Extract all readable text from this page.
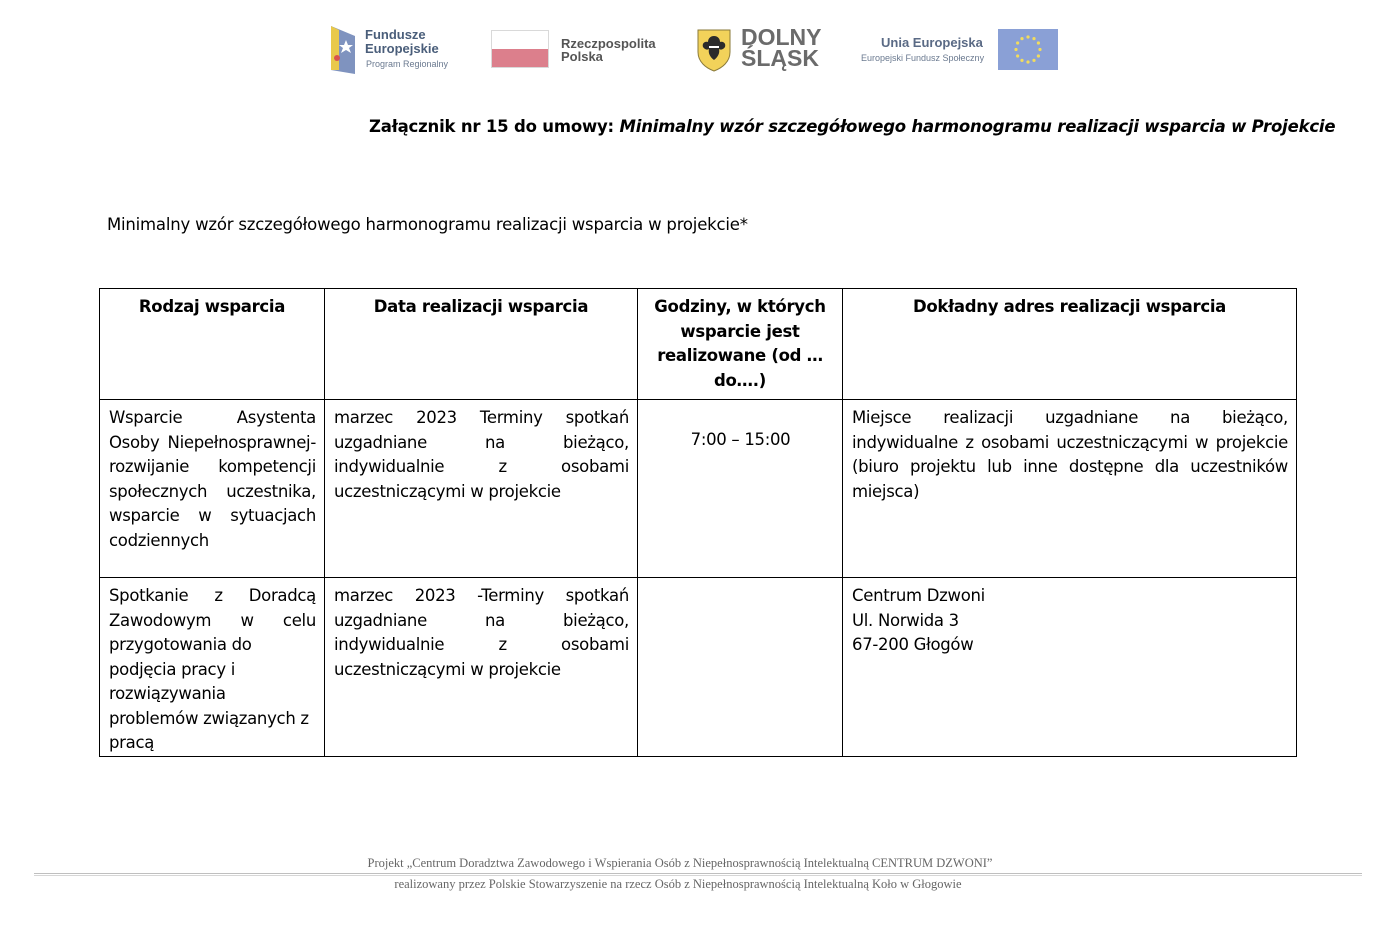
Fundusze
Europejskie
Program Regionalny
Rzeczpospolita
Polska
DOLNY
ŚLĄSK
Unia Europejska
Europejski Fundusz Społeczny
Załącznik nr 15 do umowy: Minimalny wzór szczegółowego harmonogramu realizacji wsparcia w Projekcie
Minimalny wzór szczegółowego harmonogramu realizacji wsparcia w projekcie*
Rodzaj wsparcia	Data realizacji wsparcia	Godziny, w których wsparcie jest realizowane (od … do….)	Dokładny adres realizacji wsparcia
Wsparcie Asystenta Osoby Niepełnosprawnej- rozwijanie kompetencji społecznych uczestnika, wsparcie w sytuacjach codziennych	marzec 2023 Terminy spotkań uzgadniane na bieżąco, indywidualnie z osobami uczestniczącymi w projekcie	7:00 – 15:00	Miejsce realizacji uzgadniane na bieżąco, indywidualne z osobami uczestniczącymi w projekcie (biuro projektu lub inne dostępne dla uczestników miejsca)
Spotkanie z Doradcą Zawodowym w celu przygotowania do
podjęcia pracy i
rozwiązywania
problemów związanych z
pracą	marzec 2023 -Terminy spotkań uzgadniane na bieżąco, indywidualnie z osobami uczestniczącymi w projekcie		Centrum Dzwoni
Ul. Norwida 3
67-200 Głogów
Projekt „Centrum Doradztwa Zawodowego i Wspierania Osób z Niepełnosprawnością Intelektualną CENTRUM DZWONI”
realizowany przez Polskie Stowarzyszenie na rzecz Osób z Niepełnosprawnością Intelektualną Koło w Głogowie
